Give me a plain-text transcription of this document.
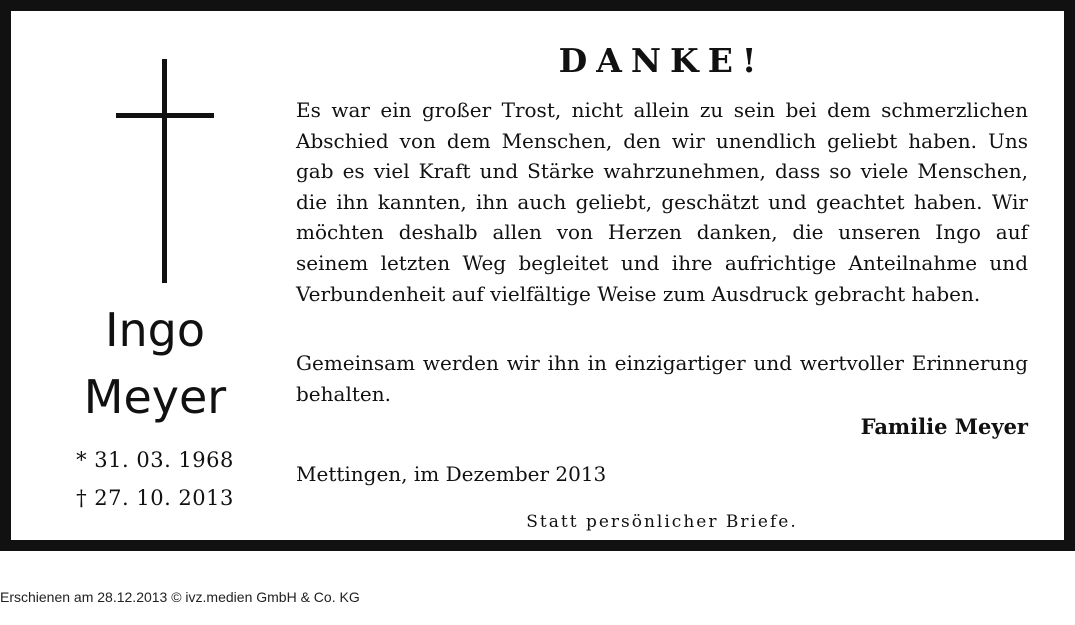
Ingo
Meyer
* 31. 03. 1968
† 27. 10. 2013
DANKE!

Es war ein großer Trost, nicht allein zu sein bei dem schmerzlichen Abschied von dem Menschen, den wir unendlich geliebt haben. Uns gab es viel Kraft und Stärke wahrzunehmen, dass so viele Menschen, die ihn kannten, ihn auch geliebt, geschätzt und geachtet haben. Wir möchten deshalb allen von Herzen danken, die unseren Ingo auf seinem letzten Weg begleitet und ihre aufrichtige Anteilnahme und Verbundenheit auf vielfältige Weise zum Ausdruck gebracht haben.

Gemeinsam werden wir ihn in einzigartiger und wertvoller Erinnerung behalten.

Familie Meyer
Mettingen, im Dezember 2013
Statt persönlicher Briefe.
Erschienen am 28.12.2013 © ivz.medien GmbH & Co. KG
